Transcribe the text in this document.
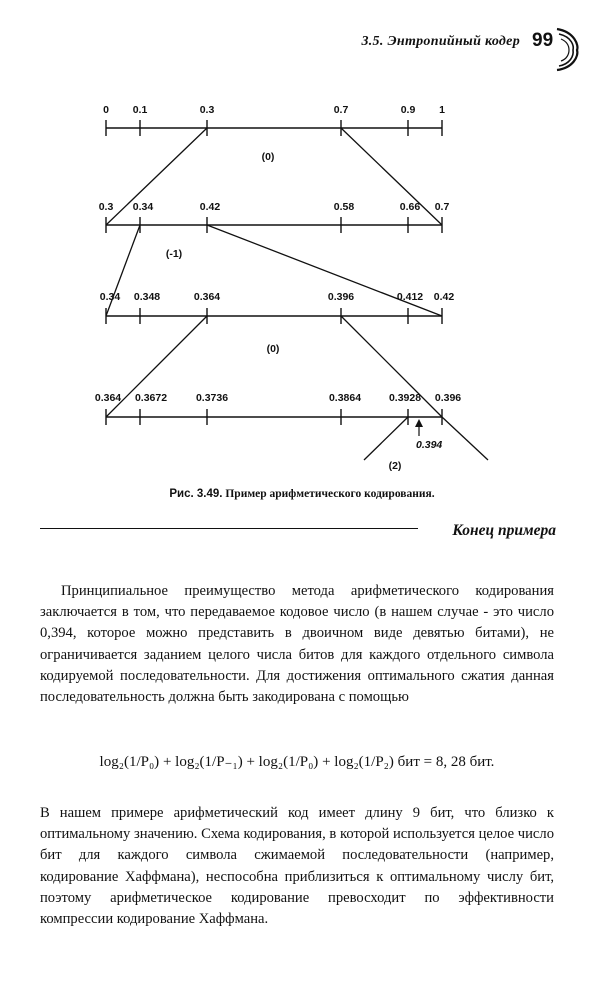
3.5. Энтропийный кодер 99
0 0.1	0.3	0.7	0.9 1
0.3 0.34	0.42	0.58	0.66 0.7
0.34 0.348	0.364	0.396	0.412 0.42
0.364 0.3672	0.3736	0.3864	0.3928 0.396
0.394
(0)
(-1)
(0)
(2)
Рис. 3.49. Пример арифметического кодирования.
Конец примера

Принципиальное преимущество метода арифметического кодирования заключается в том, что передаваемое кодовое число (в нашем случае - это число 0,394, которое можно представить в двоичном виде девятью битами), не ограничивается заданием целого числа битов для каждого отдельного символа кодируемой последовательности. Для достижения оптимального сжатия данная последовательность должна быть закодирована с помощью

log₂(1/P₀) + log₂(1/P₋₁) + log₂(1/P₀) + log₂(1/P₂) бит = 8, 28 бит.

В нашем примере арифметический код имеет длину 9 бит, что близко к оптимальному значению. Схема кодирования, в которой используется целое число бит для каждого символа сжимаемой последовательности (например, кодирование Хаффмана), неспособна приблизиться к оптимальному числу бит, поэтому арифметическое кодирование превосходит по эффективности компрессии кодирование Хаффмана.
